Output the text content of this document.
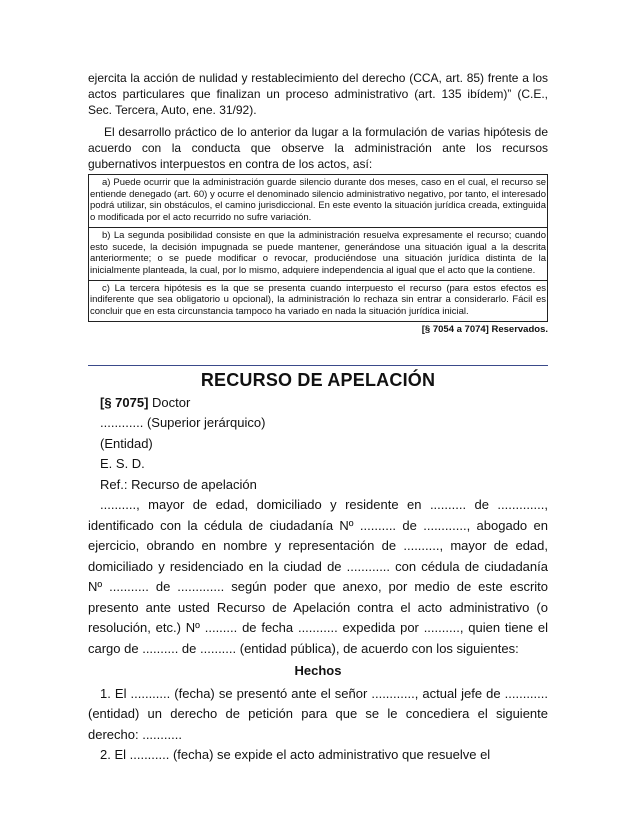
ejercita la acción de nulidad y restablecimiento del derecho (CCA, art. 85) frente a los actos particulares que finalizan un proceso administrativo (art. 135 ibídem)” (C.E., Sec. Tercera, Auto, ene. 31/92).

El desarrollo práctico de lo anterior da lugar a la formulación de varias hipótesis de acuerdo con la conducta que observe la administración ante los recursos gubernativos interpuestos en contra de los actos, así:

a) Puede ocurrir que la administración guarde silencio durante dos meses, caso en el cual, el recurso se entiende denegado (art. 60) y ocurre el denominado silencio administrativo negativo, por tanto, el interesado podrá utilizar, sin obstáculos, el camino jurisdiccional. En este evento la situación jurídica creada, extinguida o modificada por el acto recurrido no sufre variación.

b) La segunda posibilidad consiste en que la administración resuelva expresamente el recurso; cuando esto sucede, la decisión impugnada se puede mantener, generándose una situación igual a la descrita anteriormente; o se puede modificar o revocar, produciéndose una situación jurídica distinta de la inicialmente planteada, la cual, por lo mismo, adquiere independencia al igual que el acto que la contiene.

c) La tercera hipótesis es la que se presenta cuando interpuesto el recurso (para estos efectos es indiferente que sea obligatorio u opcional), la administración lo rechaza sin entrar a considerarlo. Fácil es concluir que en esta circunstancia tampoco ha variado en nada la situación jurídica inicial.

[§ 7054 a 7074] Reservados.

RECURSO DE APELACIÓN

[§ 7075] Doctor

............ (Superior jerárquico)

(Entidad)

E. S. D.

Ref.: Recurso de apelación

.........., mayor de edad, domiciliado y residente en .......... de ............., identificado con la cédula de ciudadanía Nº .......... de ............, abogado en ejercicio, obrando en nombre y representación de .........., mayor de edad, domiciliado y residenciado en la ciudad de ............ con cédula de ciudadanía Nº ........... de ............. según poder que anexo, por medio de este escrito presento ante usted Recurso de Apelación contra el acto administrativo (o resolución, etc.) Nº ......... de fecha ........... expedida por .........., quien tiene el cargo de .......... de .......... (entidad pública), de acuerdo con los siguientes:

Hechos

1. El ........... (fecha) se presentó ante el señor ............, actual jefe de ............ (entidad) un derecho de petición para que se le concediera el siguiente derecho: ...........

2. El ........... (fecha) se expide el acto administrativo que resuelve el
